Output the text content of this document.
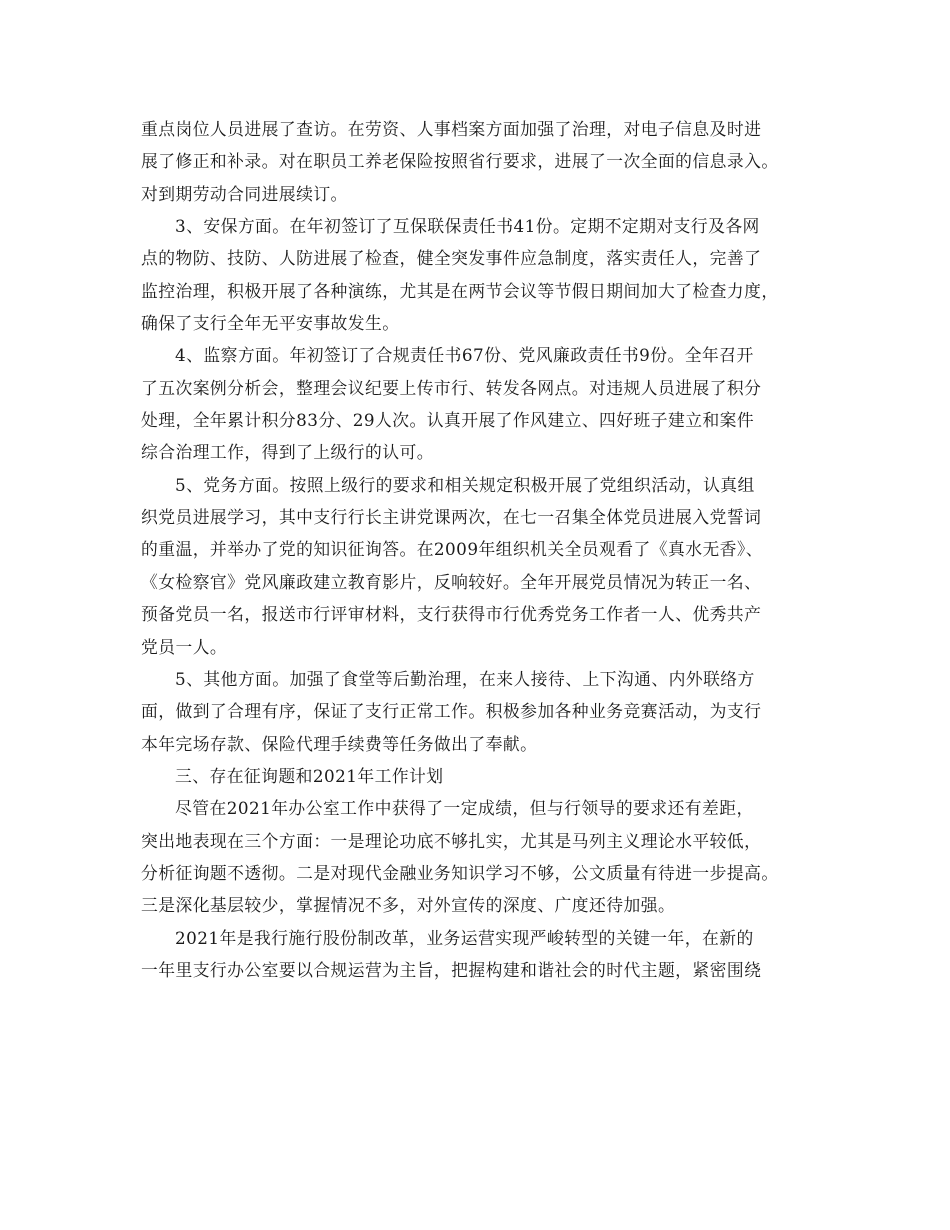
重点岗位人员进展了查访。在劳资、人事档案方面加强了治理，对电子信息及时进
展了修正和补录。对在职员工养老保险按照省行要求，进展了一次全面的信息录入。
对到期劳动合同进展续订。
3、安保方面。在年初签订了互保联保责任书41份。定期不定期对支行及各网
点的物防、技防、人防进展了检查，健全突发事件应急制度，落实责任人，完善了
监控治理，积极开展了各种演练，尤其是在两节会议等节假日期间加大了检查力度，
确保了支行全年无平安事故发生。
4、监察方面。年初签订了合规责任书67份、党风廉政责任书9份。全年召开
了五次案例分析会，整理会议纪要上传市行、转发各网点。对违规人员进展了积分
处理，全年累计积分83分、29人次。认真开展了作风建立、四好班子建立和案件
综合治理工作，得到了上级行的认可。
5、党务方面。按照上级行的要求和相关规定积极开展了党组织活动，认真组
织党员进展学习，其中支行行长主讲党课两次，在七一召集全体党员进展入党誓词
的重温，并举办了党的知识征询答。在2009年组织机关全员观看了《真水无香》、
《女检察官》党风廉政建立教育影片，反响较好。全年开展党员情况为转正一名、
预备党员一名，报送市行评审材料，支行获得市行优秀党务工作者一人、优秀共产
党员一人。
5、其他方面。加强了食堂等后勤治理，在来人接待、上下沟通、内外联络方
面，做到了合理有序，保证了支行正常工作。积极参加各种业务竞赛活动，为支行
本年完场存款、保险代理手续费等任务做出了奉献。
三、存在征询题和2021年工作计划
尽管在2021年办公室工作中获得了一定成绩，但与行领导的要求还有差距，
突出地表现在三个方面：一是理论功底不够扎实，尤其是马列主义理论水平较低，
分析征询题不透彻。二是对现代金融业务知识学习不够，公文质量有待进一步提高。
三是深化基层较少，掌握情况不多，对外宣传的深度、广度还待加强。
2021年是我行施行股份制改革，业务运营实现严峻转型的关键一年，在新的
一年里支行办公室要以合规运营为主旨，把握构建和谐社会的时代主题，紧密围绕
